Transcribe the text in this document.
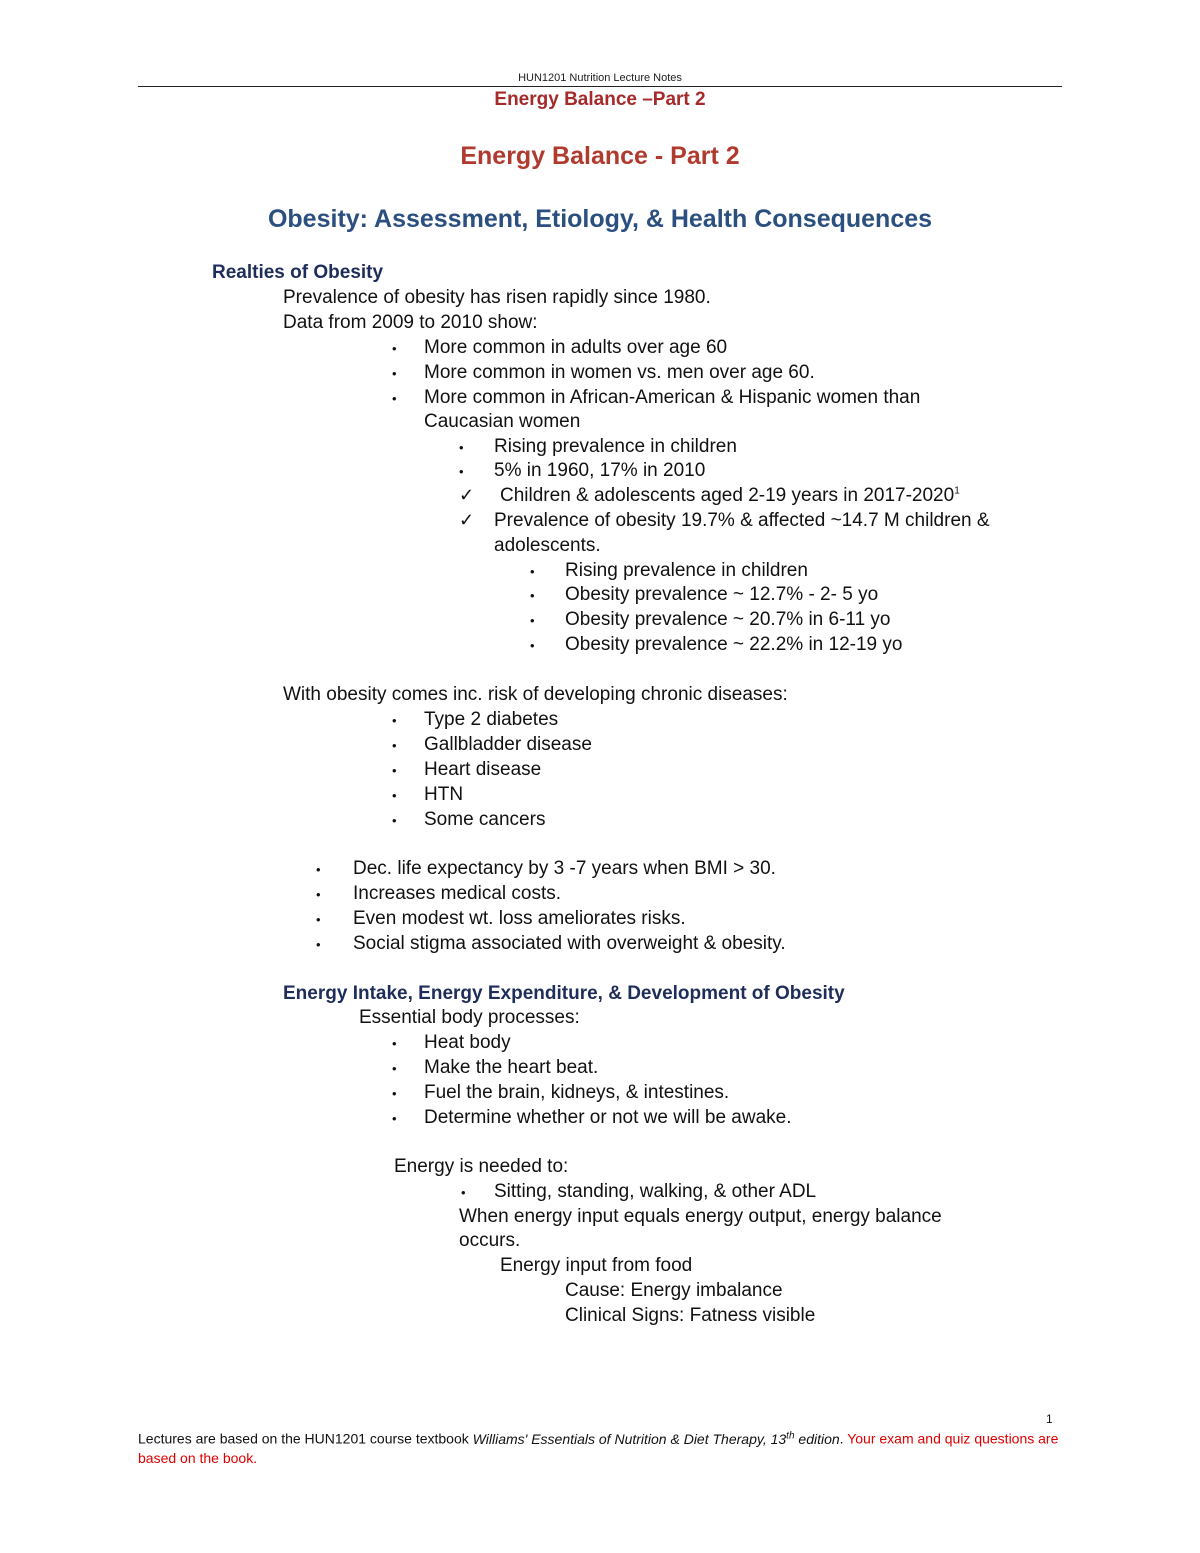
HUN1201 Nutrition Lecture Notes
Energy Balance –Part 2
Energy Balance - Part 2
Obesity: Assessment, Etiology, & Health Consequences
Realties of Obesity
Prevalence of obesity has risen rapidly since 1980.
Data from 2009 to 2010 show:
• More common in adults over age 60
• More common in women vs. men over age 60.
• More common in African-American & Hispanic women than
Caucasian women
• Rising prevalence in children
• 5% in 1960, 17% in 2010
✓ Children & adolescents aged 2-19 years in 2017-2020$^1$
✓ Prevalence of obesity 19.7% & affected ~14.7 M children &
adolescents.
• Rising prevalence in children
• Obesity prevalence ~ 12.7% - 2- 5 yo
• Obesity prevalence ~ 20.7% in 6-11 yo
• Obesity prevalence ~ 22.2% in 12-19 yo
With obesity comes inc. risk of developing chronic diseases:
• Type 2 diabetes
• Gallbladder disease
• Heart disease
• HTN
• Some cancers
• Dec. life expectancy by 3 -7 years when BMI > 30.
• Increases medical costs.
• Even modest wt. loss ameliorates risks.
• Social stigma associated with overweight & obesity.
Energy Intake, Energy Expenditure, & Development of Obesity
Essential body processes:
• Heat body
• Make the heart beat.
• Fuel the brain, kidneys, & intestines.
• Determine whether or not we will be awake.
Energy is needed to:
• Sitting, standing, walking, & other ADL
When energy input equals energy output, energy balance
occurs.
Energy input from food
Cause: Energy imbalance
Clinical Signs: Fatness visible
1
Lectures are based on the HUN1201 course textbook Williams' Essentials of Nutrition & Diet Therapy, 13th edition. Your exam and quiz questions are based on the book.
